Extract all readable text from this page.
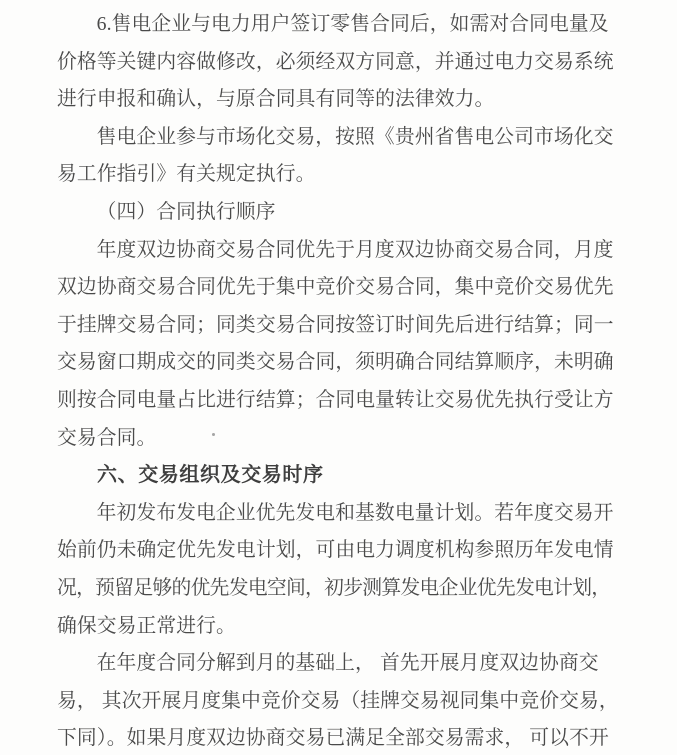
6.售电企业与电力用户签订零售合同后，如需对合同电量及
价格等关键内容做修改，必须经双方同意，并通过电力交易系统
进行申报和确认，与原合同具有同等的法律效力。
售电企业参与市场化交易，按照《贵州省售电公司市场化交
易工作指引》有关规定执行。
（四）合同执行顺序
年度双边协商交易合同优先于月度双边协商交易合同，月度
双边协商交易合同优先于集中竞价交易合同，集中竞价交易优先
于挂牌交易合同；同类交易合同按签订时间先后进行结算；同一
交易窗口期成交的同类交易合同，须明确合同结算顺序，未明确
则按合同电量占比进行结算；合同电量转让交易优先执行受让方
交易合同。
六、交易组织及交易时序
年初发布发电企业优先发电和基数电量计划。若年度交易开
始前仍未确定优先发电计划，可由电力调度机构参照历年发电情
况，预留足够的优先发电空间，初步测算发电企业优先发电计划，
确保交易正常进行。
在年度合同分解到月的基础上， 首先开展月度双边协商交
易， 其次开展月度集中竞价交易（挂牌交易视同集中竞价交易，
下同）。如果月度双边协商交易已满足全部交易需求， 可以不开
